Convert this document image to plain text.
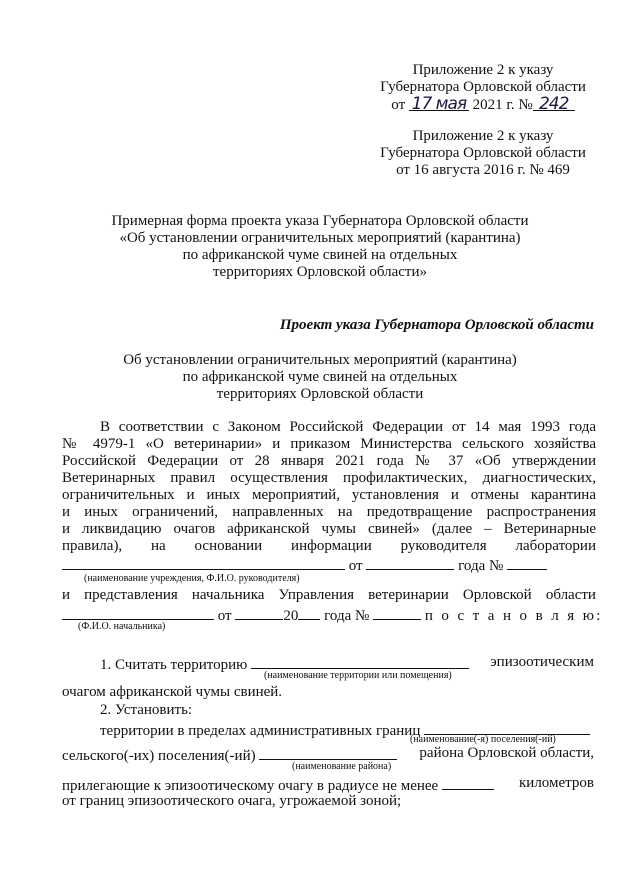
Приложение 2 к указу
Губернатора Орловской области
от 17 мая 2021 г. № 242
Приложение 2 к указу
Губернатора Орловской области
от 16 августа 2016 г. № 469
Примерная форма проекта указа Губернатора Орловской области
«Об установлении ограничительных мероприятий (карантина)
по африканской чуме свиней на отдельных
территориях Орловской области»
Проект указа Губернатора Орловской области
Об установлении ограничительных мероприятий (карантина)
по африканской чуме свиней на отдельных
территориях Орловской области
В соответствии с Законом Российской Федерации от 14 мая 1993 года
№ 4979-1 «О ветеринарии» и приказом Министерства сельского хозяйства
Российской Федерации от 28 января 2021 года № 37 «Об утверждении
Ветеринарных правил осуществления профилактических, диагностических,
ограничительных и иных мероприятий, установления и отмены карантина
и иных ограничений, направленных на предотвращение распространения
и ликвидацию очагов африканской чумы свиней» (далее – Ветеринарные
правила), на основании информации руководителя лаборатории
от	года №
(наименование учреждения, Ф.И.О. руководителя)
и представления начальника Управления ветеринарии Орловской области
от	20 года №	п о с т а н о в л я ю:
(Ф.И.О. начальника)
1. Считать территорию	эпизоотическим
(наименование территории или помещения)
очагом африканской чумы свиней.
2. Установить:
территории в пределах административных границ
(наименование(-я) поселения(-ий)
сельского(-их) поселения(-ий)	района Орловской области,
(наименование района)
прилегающие к эпизоотическому очагу в радиусе не менее	километров
от границ эпизоотического очага, угрожаемой зоной;
